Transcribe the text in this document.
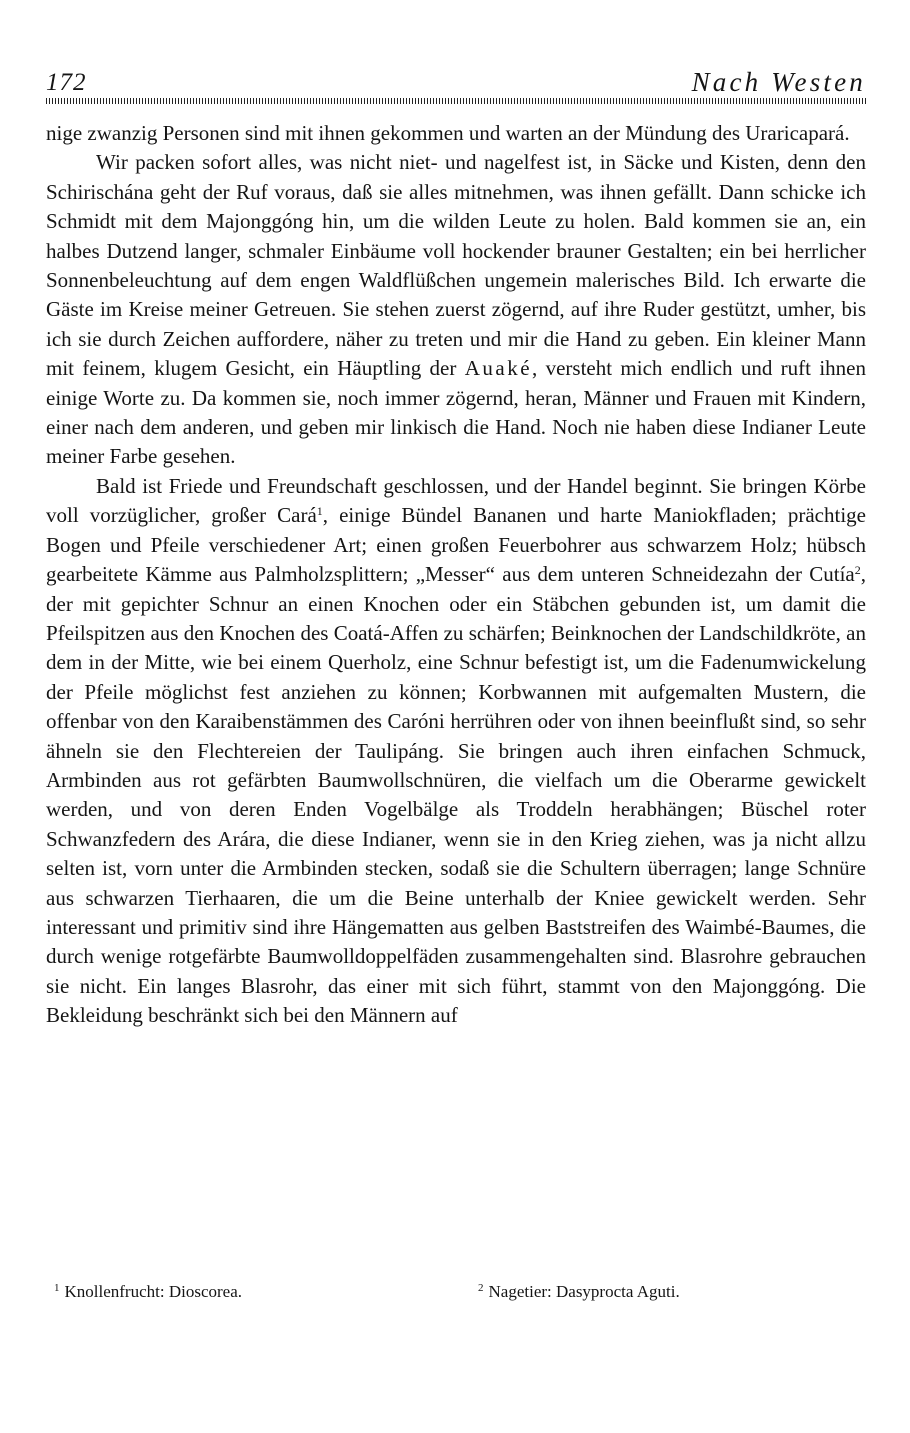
172	Nach Westen

nige zwanzig Personen sind mit ihnen gekommen und warten an der Mündung des Uraricapará.

Wir packen sofort alles, was nicht niet- und nagelfest ist, in Säcke und Kisten, denn den Schirischána geht der Ruf voraus, daß sie alles mitnehmen, was ihnen gefällt. Dann schicke ich Schmidt mit dem Majonggóng hin, um die wilden Leute zu holen. Bald kommen sie an, ein halbes Dutzend langer, schmaler Einbäume voll hockender brauner Gestalten; ein bei herrlicher Sonnenbeleuchtung auf dem engen Waldflüßchen ungemein malerisches Bild. Ich erwarte die Gäste im Kreise meiner Getreuen. Sie stehen zuerst zögernd, auf ihre Ruder gestützt, umher, bis ich sie durch Zeichen auffordere, näher zu treten und mir die Hand zu geben. Ein kleiner Mann mit feinem, klugem Gesicht, ein Häuptling der Auaké, versteht mich endlich und ruft ihnen einige Worte zu. Da kommen sie, noch immer zögernd, heran, Männer und Frauen mit Kindern, einer nach dem anderen, und geben mir linkisch die Hand. Noch nie haben diese Indianer Leute meiner Farbe gesehen.

Bald ist Friede und Freundschaft geschlossen, und der Handel beginnt. Sie bringen Körbe voll vorzüglicher, großer Cará$^1$, einige Bündel Bananen und harte Maniokfladen; prächtige Bogen und Pfeile verschiedener Art; einen großen Feuerbohrer aus schwarzem Holz; hübsch gearbeitete Kämme aus Palmholzsplittern; „Messer“ aus dem unteren Schneidezahn der Cutía$^2$, der mit gepichter Schnur an einen Knochen oder ein Stäbchen gebunden ist, um damit die Pfeilspitzen aus den Knochen des Coatá-Affen zu schärfen; Beinknochen der Landschildkröte, an dem in der Mitte, wie bei einem Querholz, eine Schnur befestigt ist, um die Fadenumwickelung der Pfeile möglichst fest anziehen zu können; Korbwannen mit aufgemalten Mustern, die offenbar von den Karaibenstämmen des Caróni herrühren oder von ihnen beeinflußt sind, so sehr ähneln sie den Flechtereien der Taulipáng. Sie bringen auch ihren einfachen Schmuck, Armbinden aus rot gefärbten Baumwollschnüren, die vielfach um die Oberarme gewickelt werden, und von deren Enden Vogelbälge als Troddeln herabhängen; Büschel roter Schwanzfedern des Arára, die diese Indianer, wenn sie in den Krieg ziehen, was ja nicht allzu selten ist, vorn unter die Armbinden stecken, sodaß sie die Schultern überragen; lange Schnüre aus schwarzen Tierhaaren, die um die Beine unterhalb der Kniee gewickelt werden. Sehr interessant und primitiv sind ihre Hängematten aus gelben Baststreifen des Waimbé-Baumes, die durch wenige rotgefärbte Baumwolldoppelfäden zusammengehalten sind. Blasrohre gebrauchen sie nicht. Ein langes Blasrohr, das einer mit sich führt, stammt von den Majonggóng. Die Bekleidung beschränkt sich bei den Männern auf

$^1$ Knollenfrucht: Dioscorea.	$^2$ Nagetier: Dasyprocta Aguti.
